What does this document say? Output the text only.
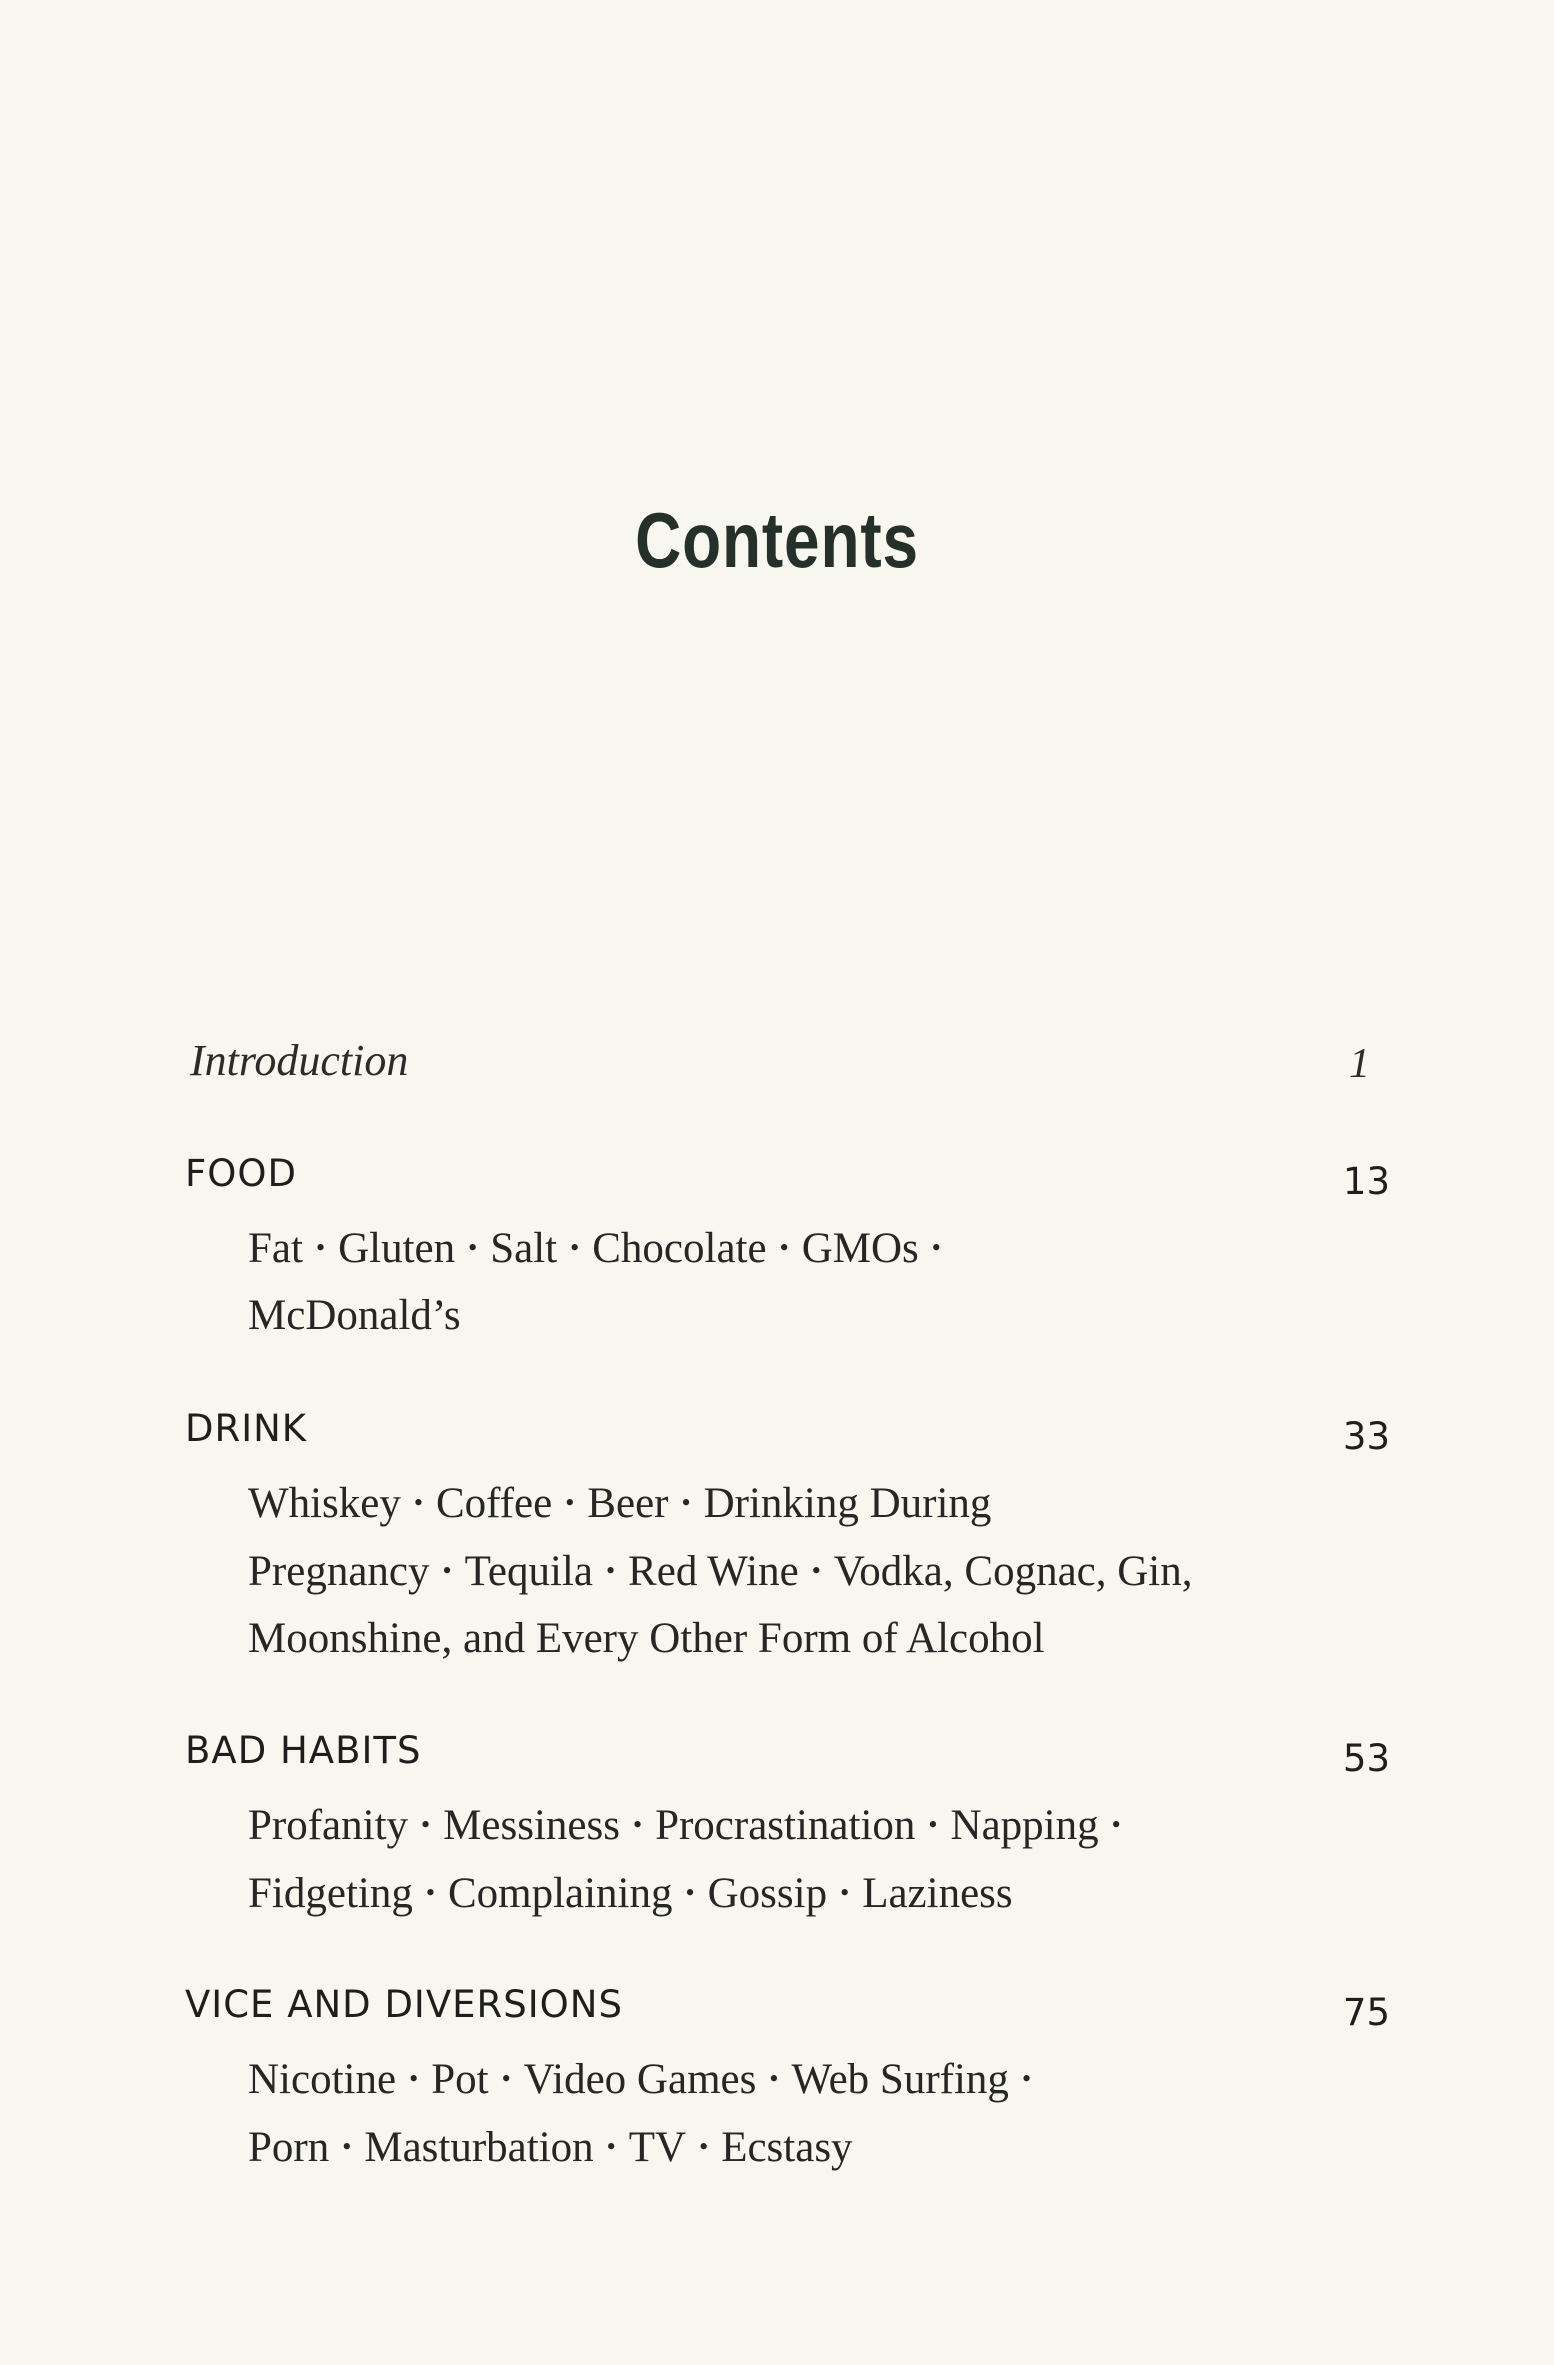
Contents
Introduction	1
FOOD	13
Fat • Gluten • Salt • Chocolate • GMOs •
McDonald’s
DRINK	33
Whiskey • Coffee • Beer • Drinking During
Pregnancy • Tequila • Red Wine • Vodka, Cognac, Gin,
Moonshine, and Every Other Form of Alcohol
BAD HABITS	53
Profanity • Messiness • Procrastination • Napping •
Fidgeting • Complaining • Gossip • Laziness
VICE AND DIVERSIONS	75
Nicotine • Pot • Video Games • Web Surfing •
Porn • Masturbation • TV • Ecstasy
